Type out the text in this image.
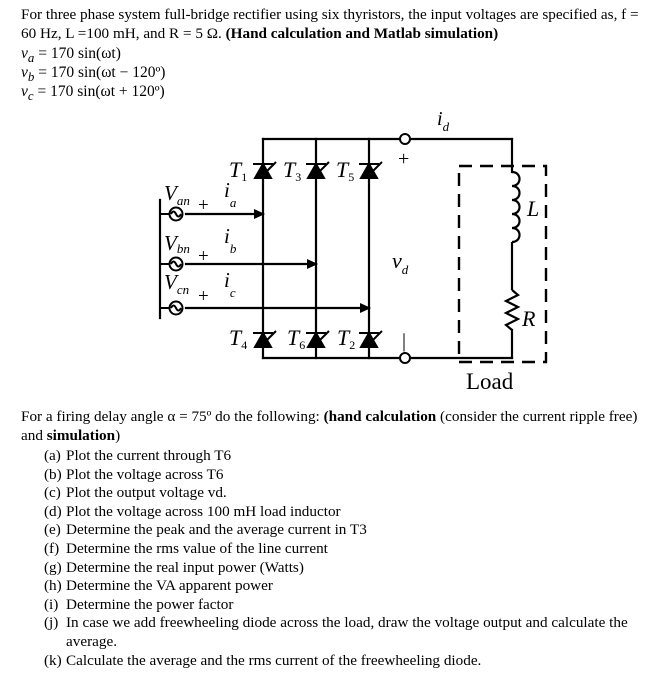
For three phase system full-bridge rectifier using six thyristors, the input voltages are specified as, f = 60 Hz, L =100 mH, and R = 5 Ω. (Hand calculation and Matlab simulation)
$v_a = 170$ sin(ωt)
$v_b = 170$ sin(ωt − 120º)
$v_c = 170$ sin(ωt + 120º)
$i_d$
+
|
$v_d$
L
R
Load
$V_{an}$ +
$i_a$
Vbn +
$i_b$
$V_{cn}$ +
$i_c$
T1 T3 T5
T4 T6 T2
For a firing delay angle α = 75º do the following: (hand calculation (consider the current ripple free) and simulation)
(a) Plot the current through T6
(b) Plot the voltage across T6
(c) Plot the output voltage vd.
(d) Plot the voltage across 100 mH load inductor
(e) Determine the peak and the average current in T3
(f) Determine the rms value of the line current
(g) Determine the real input power (Watts)
(h) Determine the VA apparent power
(i) Determine the power factor
(j) In case we add freewheeling diode across the load, draw the voltage output and calculate the average.
(k) Calculate the average and the rms current of the freewheeling diode.
